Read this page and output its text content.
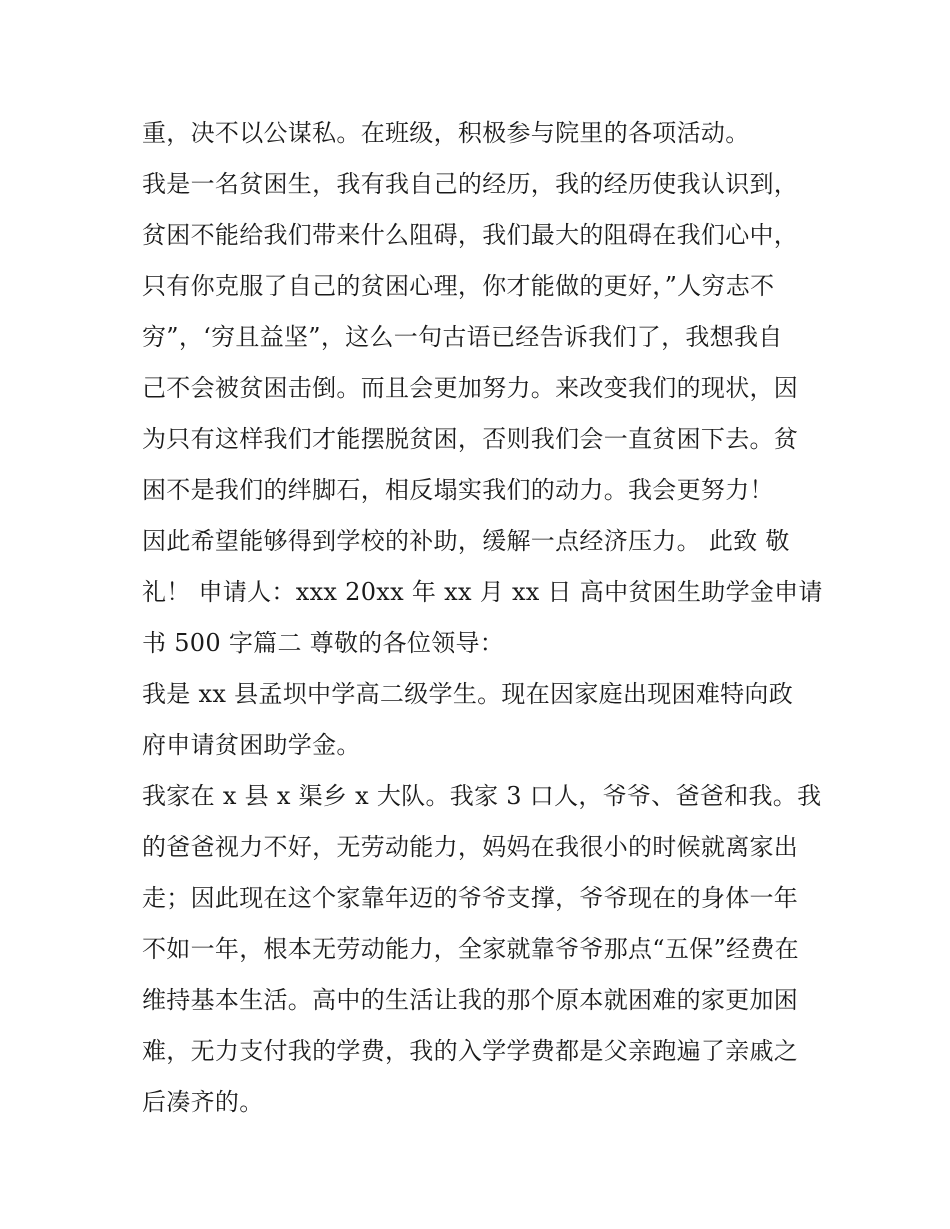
重，决不以公谋私。在班级，积极参与院里的各项活动。
我是一名贫困生，我有我自己的经历，我的经历使我认识到，
贫困不能给我们带来什么阻碍，我们最大的阻碍在我们心中，
只有你克服了自己的贫困心理，你才能做的更好，”人穷志不
穷”，‘穷且益坚”，这么一句古语已经告诉我们了，我想我自
己不会被贫困击倒。而且会更加努力。来改变我们的现状，因
为只有这样我们才能摆脱贫困，否则我们会一直贫困下去。贫
困不是我们的绊脚石，相反塌实我们的动力。我会更努力！
因此希望能够得到学校的补助，缓解一点经济压力。 此致 敬
礼！ 申请人：xxx 20xx 年 xx 月 xx 日 高中贫困生助学金申请
书 500 字篇二 尊敬的各位领导：
我是 xx 县孟坝中学高二级学生。现在因家庭出现困难特向政
府申请贫困助学金。
我家在 x 县 x 渠乡 x 大队。我家 3 口人，爷爷、爸爸和我。我
的爸爸视力不好，无劳动能力，妈妈在我很小的时候就离家出
走；因此现在这个家靠年迈的爷爷支撑，爷爷现在的身体一年
不如一年，根本无劳动能力，全家就靠爷爷那点“五保”经费在
维持基本生活。高中的生活让我的那个原本就困难的家更加困
难，无力支付我的学费，我的入学学费都是父亲跑遍了亲戚之
后凑齐的。
